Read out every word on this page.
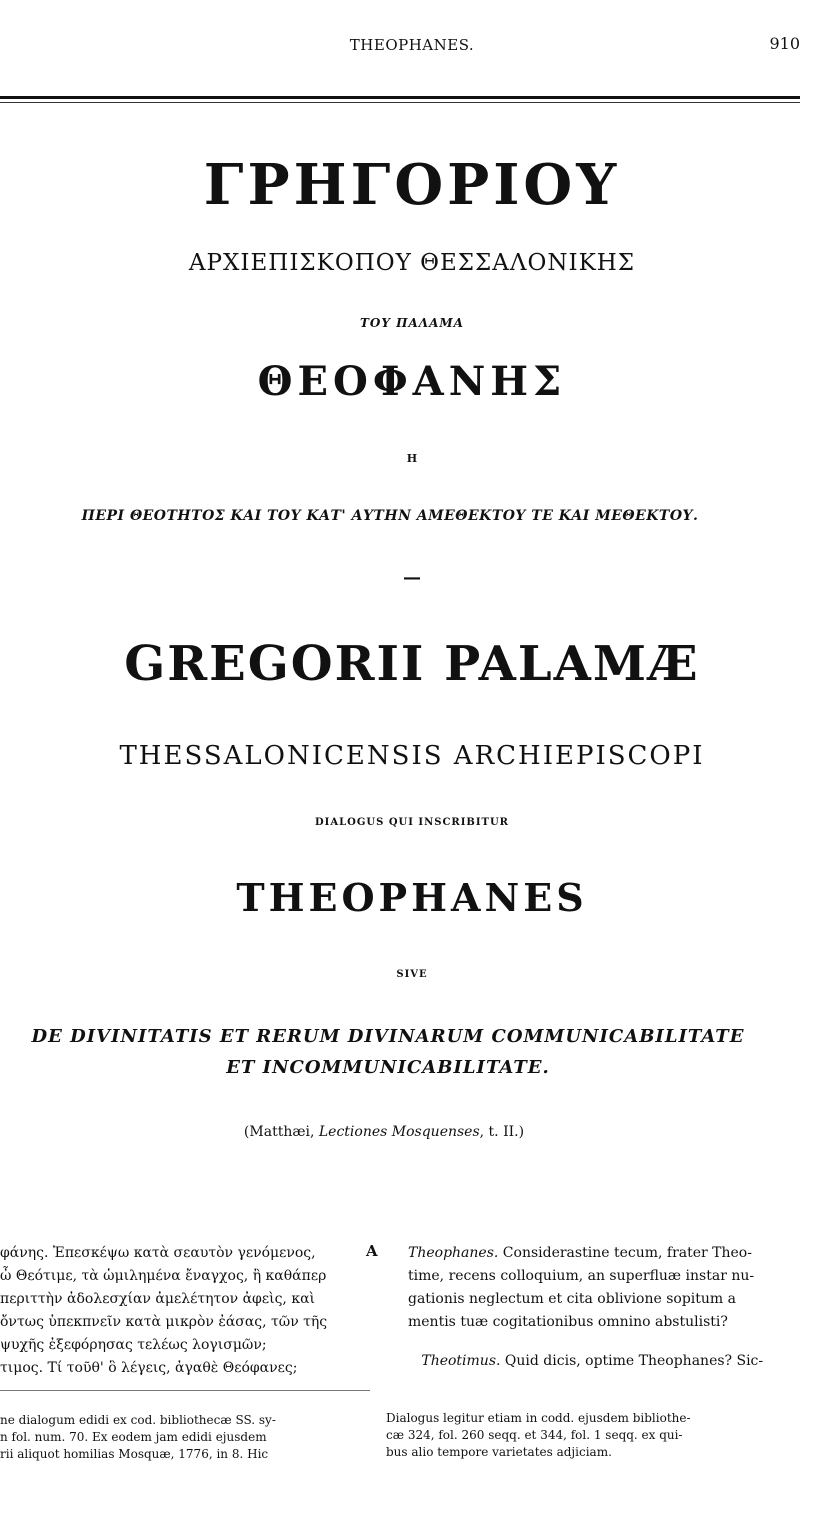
THEOPHANES.	910
ΓΡΗΓΟΡΙΟΥ
ΑΡΧΙΕΠΙΣΚΟΠΟΥ ΘΕΣΣΑΛΟΝΙΚΗΣ
ΤΟΥ ΠΑΛΑΜΑ
ΘΕΟΦΑΝΗΣ
Η
ΠΕΡΙ ΘΕΟΤΗΤΟΣ ΚΑΙ ΤΟΥ ΚΑΤ' ΑΥΤΗΝ ΑΜΕΘΕΚΤΟΥ ΤΕ ΚΑΙ ΜΕΘΕΚΤΟΥ.
—
GREGORII PALAMÆ
THESSALONICENSIS ARCHIEPISCOPI
DIALOGUS QUI INSCRIBITUR
THEOPHANES
SIVE
DE DIVINITATIS ET RERUM DIVINARUM COMMUNICABILITATE
ET INCOMMUNICABILITATE.
(Matthæi, Lectiones Mosquenses, t. II.)
φάνης. Ἐπεσκέψω κατὰ σεαυτὸν γενόμενος,
ὦ Θεότιμε, τὰ ὡμιλημένα ἔναγχος, ἢ καθάπερ
περιττὴν ἀδολεσχίαν ἀμελέτητον ἀφεὶς, καὶ
ὄντως ὑπεκπνεῖν κατὰ μικρὸν ἐάσας, τῶν τῆς
ψυχῆς ἐξεφόρησας τελέως λογισμῶν;
τιμος. Τί τοῦθ' ὃ λέγεις, ἀγαθὲ Θεόφανες;
A Theophanes. Considerastine tecum, frater Theo-
time, recens colloquium, an superfluæ instar nu-
gationis neglectum et cita oblivione sopitum a
mentis tuæ cogitationibus omnino abstulisti?
Theotimus. Quid dicis, optime Theophanes? Sic-
ne dialogum edidi ex cod. bibliothecæ SS. sy-
n fol. num. 70. Ex eodem jam edidi ejusdem
rii aliquot homilias Mosquæ, 1776, in 8. Hic
Dialogus legitur etiam in codd. ejusdem bibliothe-
cæ 324, fol. 260 seqq. et 344, fol. 1 seqq. ex qui-
bus alio tempore varietates adjiciam.
